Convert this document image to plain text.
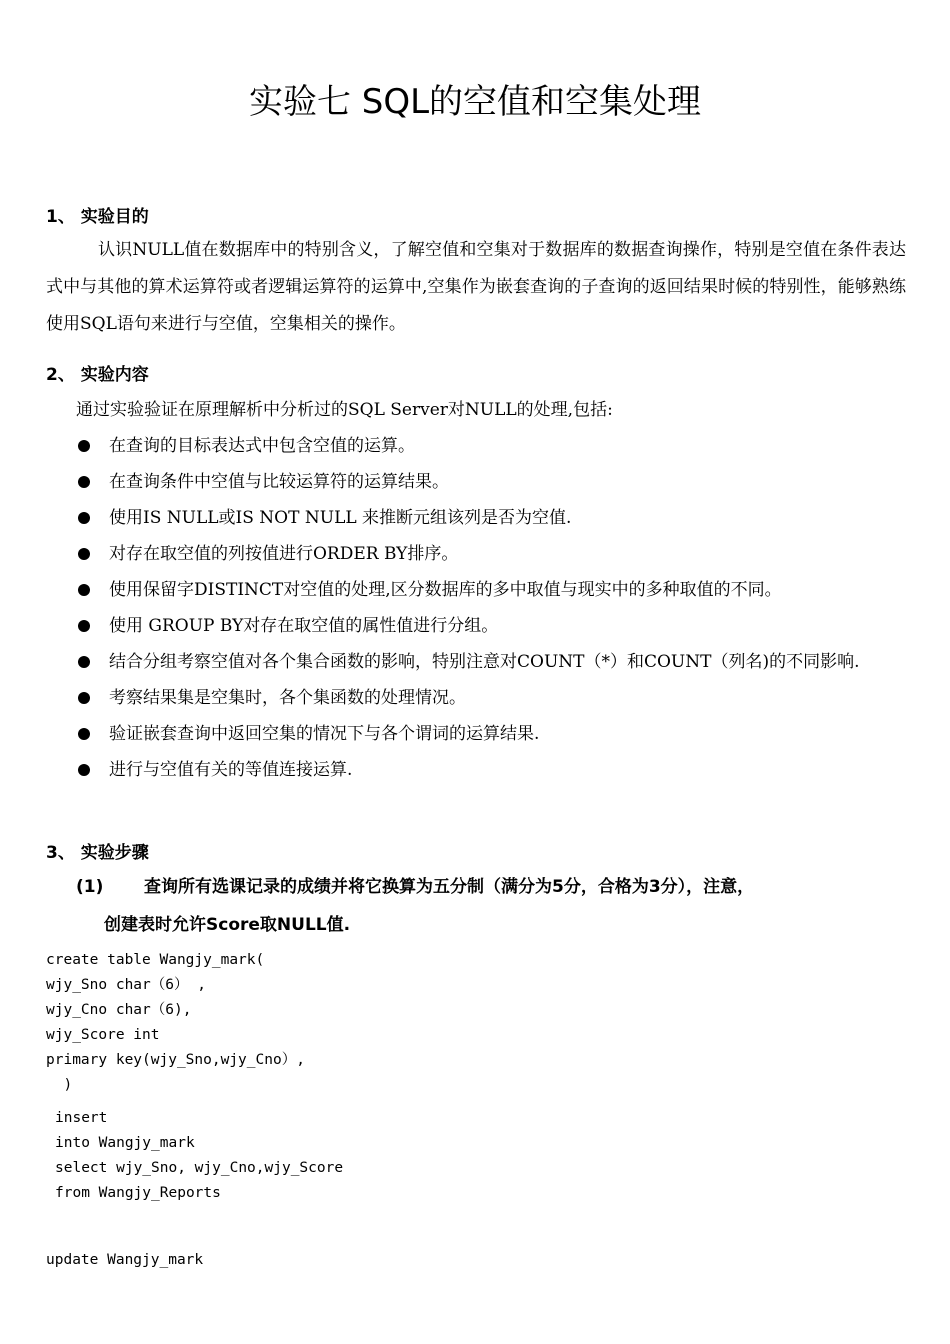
实验七 SQL的空值和空集处理
1、 实验目的

认识NULL值在数据库中的特别含义，了解空值和空集对于数据库的数据查询操作，特别是空值在条件表达式中与其他的算术运算符或者逻辑运算符的运算中,空集作为嵌套查询的子查询的返回结果时候的特别性，能够熟练使用SQL语句来进行与空值，空集相关的操作。

2、 实验内容
通过实验验证在原理解析中分析过的SQL Server对NULL的处理,包括:
在查询的目标表达式中包含空值的运算。
在查询条件中空值与比较运算符的运算结果。
使用IS NULL或IS NOT NULL 来推断元组该列是否为空值.
对存在取空值的列按值进行ORDER BY排序。
使用保留字DISTINCT对空值的处理,区分数据库的多中取值与现实中的多种取值的不同。
使用 GROUP BY对存在取空值的属性值进行分组。
结合分组考察空值对各个集合函数的影响，特别注意对COUNT（*）和COUNT（列名)的不同影响.
考察结果集是空集时，各个集函数的处理情况。
验证嵌套查询中返回空集的情况下与各个谓词的运算结果.
进行与空值有关的等值连接运算.
3、 实验步骤

(1) 查询所有选课记录的成绩并将它换算为五分制（满分为5分，合格为3分），注意，
创建表时允许Score取NULL值.

create table Wangjy_mark(
wjy_Sno char（6） ,
wjy_Cno char（6),
wjy_Score int
primary key(wjy_Sno,wjy_Cno）,
)
insert
into Wangjy_mark
select wjy_Sno, wjy_Cno,wjy_Score
from Wangjy_Reports
update Wangjy_mark
